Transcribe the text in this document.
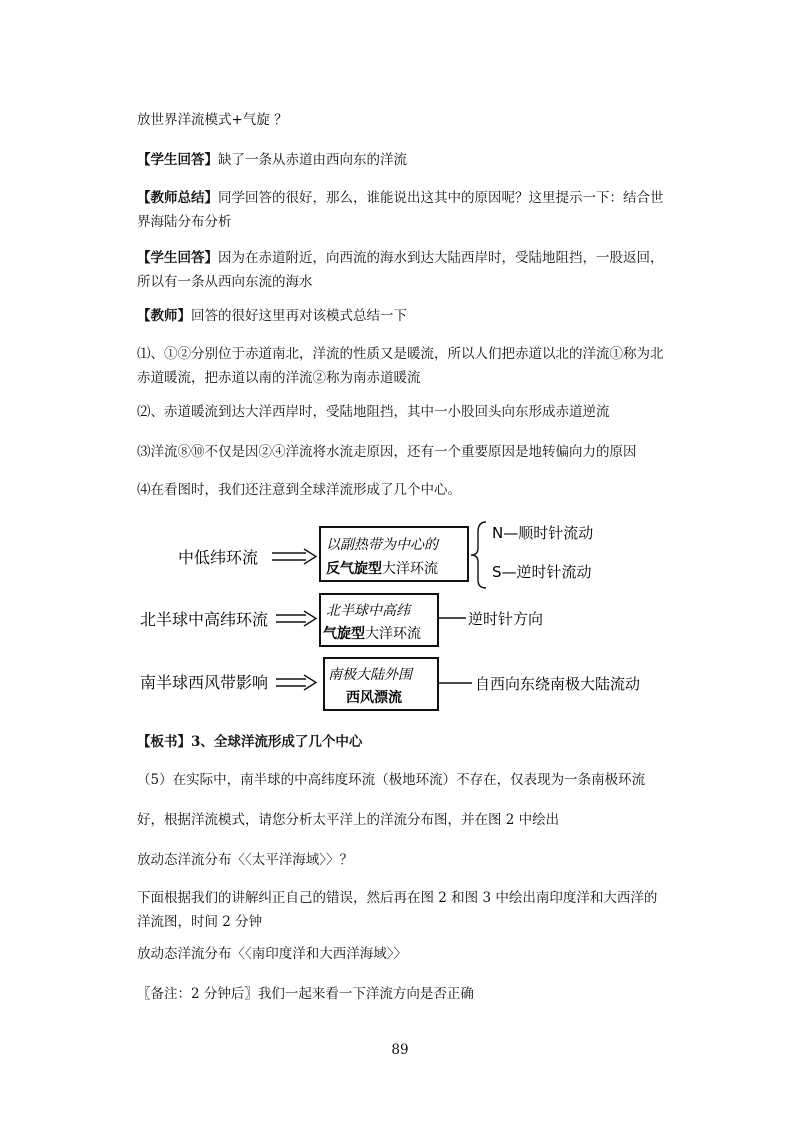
放世界洋流模式+气旋 ？

【学生回答】缺了一条从赤道由西向东的洋流

【教师总结】同学回答的很好，那么，谁能说出这其中的原因呢？这里提示一下：结合世界海陆分布分析

【学生回答】因为在赤道附近，向西流的海水到达大陆西岸时，受陆地阻挡，一股返回，所以有一条从西向东流的海水

【教师】回答的很好这里再对该模式总结一下

⑴、①②分别位于赤道南北，洋流的性质又是暖流，所以人们把赤道以北的洋流①称为北赤道暖流，把赤道以南的洋流②称为南赤道暖流

⑵、赤道暖流到达大洋西岸时，受陆地阻挡，其中一小股回头向东形成赤道逆流

⑶洋流⑧⑩不仅是因②④洋流将水流走原因，还有一个重要原因是地转偏向力的原因

⑷在看图时，我们还注意到全球洋流形成了几个中心。

中低纬环流
以副热带为中心的
反气旋型大洋环流
N—顺时针流动
S—逆时针流动
北半球中高纬环流	北半球中高纬
气旋型大洋环流
逆时针方向
南半球西风带影响	南极大陆外围
西风漂流
自西向东绕南极大陆流动

【板书】3、全球洋流形成了几个中心

（5）在实际中，南半球的中高纬度环流（极地环流）不存在，仅表现为一条南极环流

好，根据洋流模式，请您分析太平洋上的洋流分布图，并在图 2 中绘出

放动态洋流分布〈〈太平洋海域〉〉？

下面根据我们的讲解纠正自己的错误，然后再在图 2 和图 3 中绘出南印度洋和大西洋的洋流图，时间 2 分钟

放动态洋流分布〈〈南印度洋和大西洋海域〉〉

〖备注：2 分钟后〗我们一起来看一下洋流方向是否正确

89
